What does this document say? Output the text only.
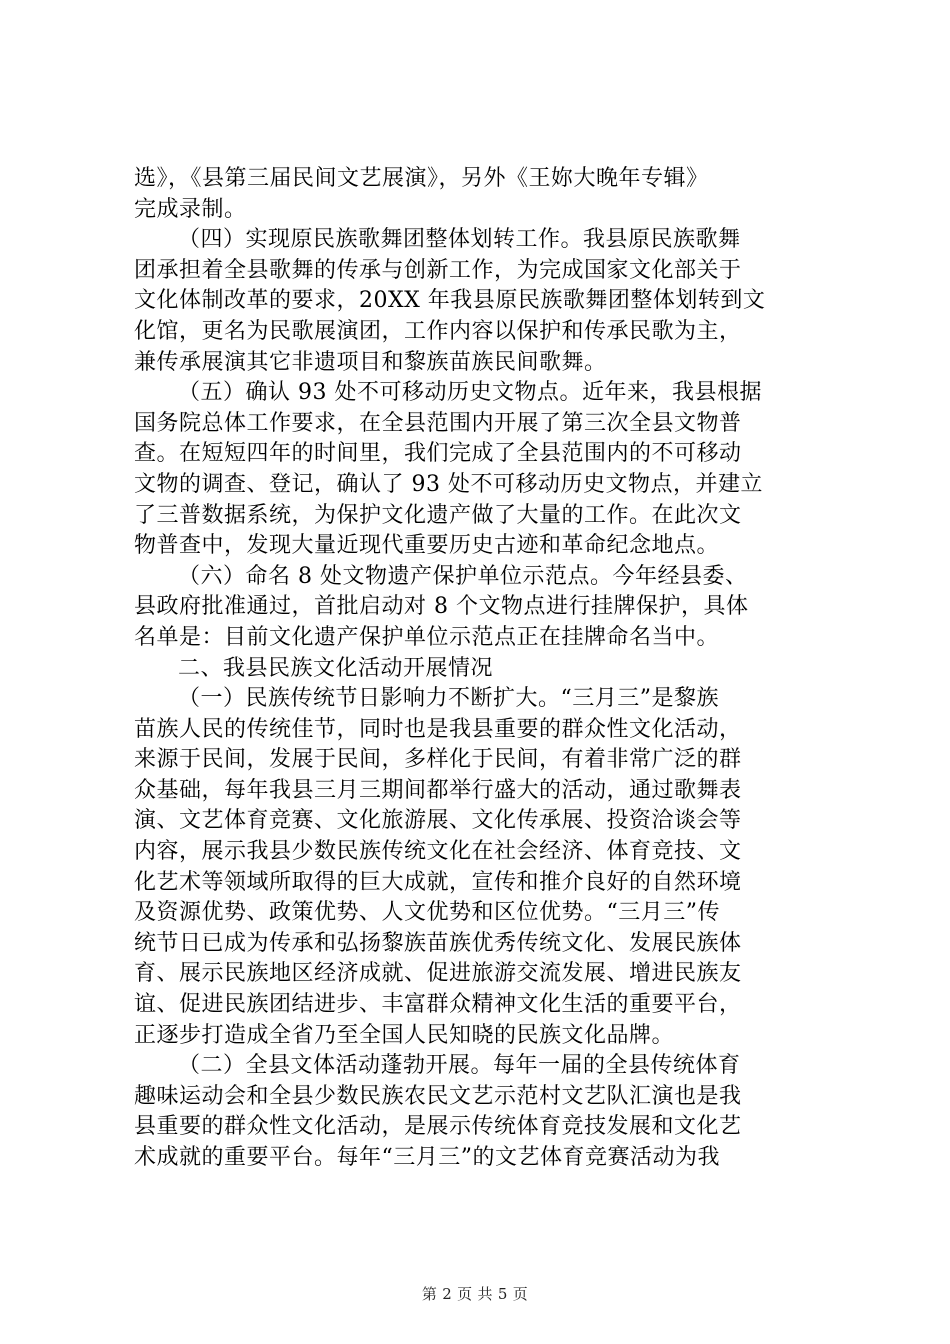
选》，《县第三届民间文艺展演》，另外《王妳大晚年专辑》
完成录制。
（四）实现原民族歌舞团整体划转工作。我县原民族歌舞
团承担着全县歌舞的传承与创新工作，为完成国家文化部关于
文化体制改革的要求，20XX 年我县原民族歌舞团整体划转到文
化馆，更名为民歌展演团，工作内容以保护和传承民歌为主，
兼传承展演其它非遗项目和黎族苗族民间歌舞。
（五）确认 93 处不可移动历史文物点。近年来，我县根据
国务院总体工作要求，在全县范围内开展了第三次全县文物普
查。在短短四年的时间里，我们完成了全县范围内的不可移动
文物的调查、登记，确认了 93 处不可移动历史文物点，并建立
了三普数据系统，为保护文化遗产做了大量的工作。在此次文
物普查中，发现大量近现代重要历史古迹和革命纪念地点。
（六）命名 8 处文物遗产保护单位示范点。今年经县委、
县政府批准通过，首批启动对 8 个文物点进行挂牌保护，具体
名单是：目前文化遗产保护单位示范点正在挂牌命名当中。
二、我县民族文化活动开展情况
（一）民族传统节日影响力不断扩大。“三月三”是黎族
苗族人民的传统佳节，同时也是我县重要的群众性文化活动，
来源于民间，发展于民间，多样化于民间，有着非常广泛的群
众基础，每年我县三月三期间都举行盛大的活动，通过歌舞表
演、文艺体育竞赛、文化旅游展、文化传承展、投资洽谈会等
内容，展示我县少数民族传统文化在社会经济、体育竞技、文
化艺术等领域所取得的巨大成就，宣传和推介良好的自然环境
及资源优势、政策优势、人文优势和区位优势。“三月三”传
统节日已成为传承和弘扬黎族苗族优秀传统文化、发展民族体
育、展示民族地区经济成就、促进旅游交流发展、增进民族友
谊、促进民族团结进步、丰富群众精神文化生活的重要平台，
正逐步打造成全省乃至全国人民知晓的民族文化品牌。
（二）全县文体活动蓬勃开展。每年一届的全县传统体育
趣味运动会和全县少数民族农民文艺示范村文艺队汇演也是我
县重要的群众性文化活动，是展示传统体育竞技发展和文化艺
术成就的重要平台。每年“三月三”的文艺体育竞赛活动为我
第 2 页 共 5 页
